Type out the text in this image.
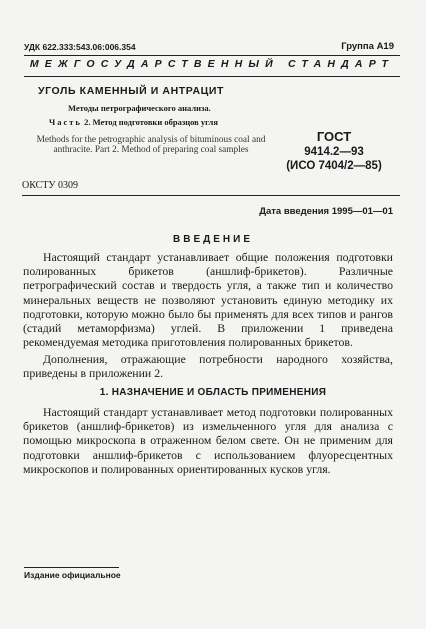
УДК 622.333:543.06:006.354	Группа А19
МЕЖГОСУДАРСТВЕННЫЙ СТАНДАРТ
УГОЛЬ КАМЕННЫЙ И АНТРАЦИТ
Методы петрографического анализа.
Часть 2. Метод подготовки образцов угля
Methods for the petrographic analysis of bituminous coal and anthracite. Part 2. Method of preparing coal samples
ГОСТ
9414.2—93
(ИСО 7404/2—85)
ОКСТУ 0309
Дата введения 1995—01—01
ВВЕДЕНИЕ

Настоящий стандарт устанавливает общие положения подготовки полированных брикетов (аншлиф-брикетов). Различные петрографический состав и твердость угля, а также тип и количество минеральных веществ не позволяют установить единую методику их подготовки, которую можно было бы применять для всех типов и рангов (стадий метаморфизма) углей. В приложении 1 приведена рекомендуемая методика приготовления полированных брикетов.

Дополнения, отражающие потребности народного хозяйства, приведены в приложении 2.

1. НАЗНАЧЕНИЕ И ОБЛАСТЬ ПРИМЕНЕНИЯ

Настоящий стандарт устанавливает метод подготовки полированных брикетов (аншлиф-брикетов) из измельченного угля для анализа с помощью микроскопа в отраженном белом свете. Он не применим для подготовки аншлиф-брикетов с использованием флуоресцентных микроскопов и полированных ориентированных кусков угля.

Издание официальное
